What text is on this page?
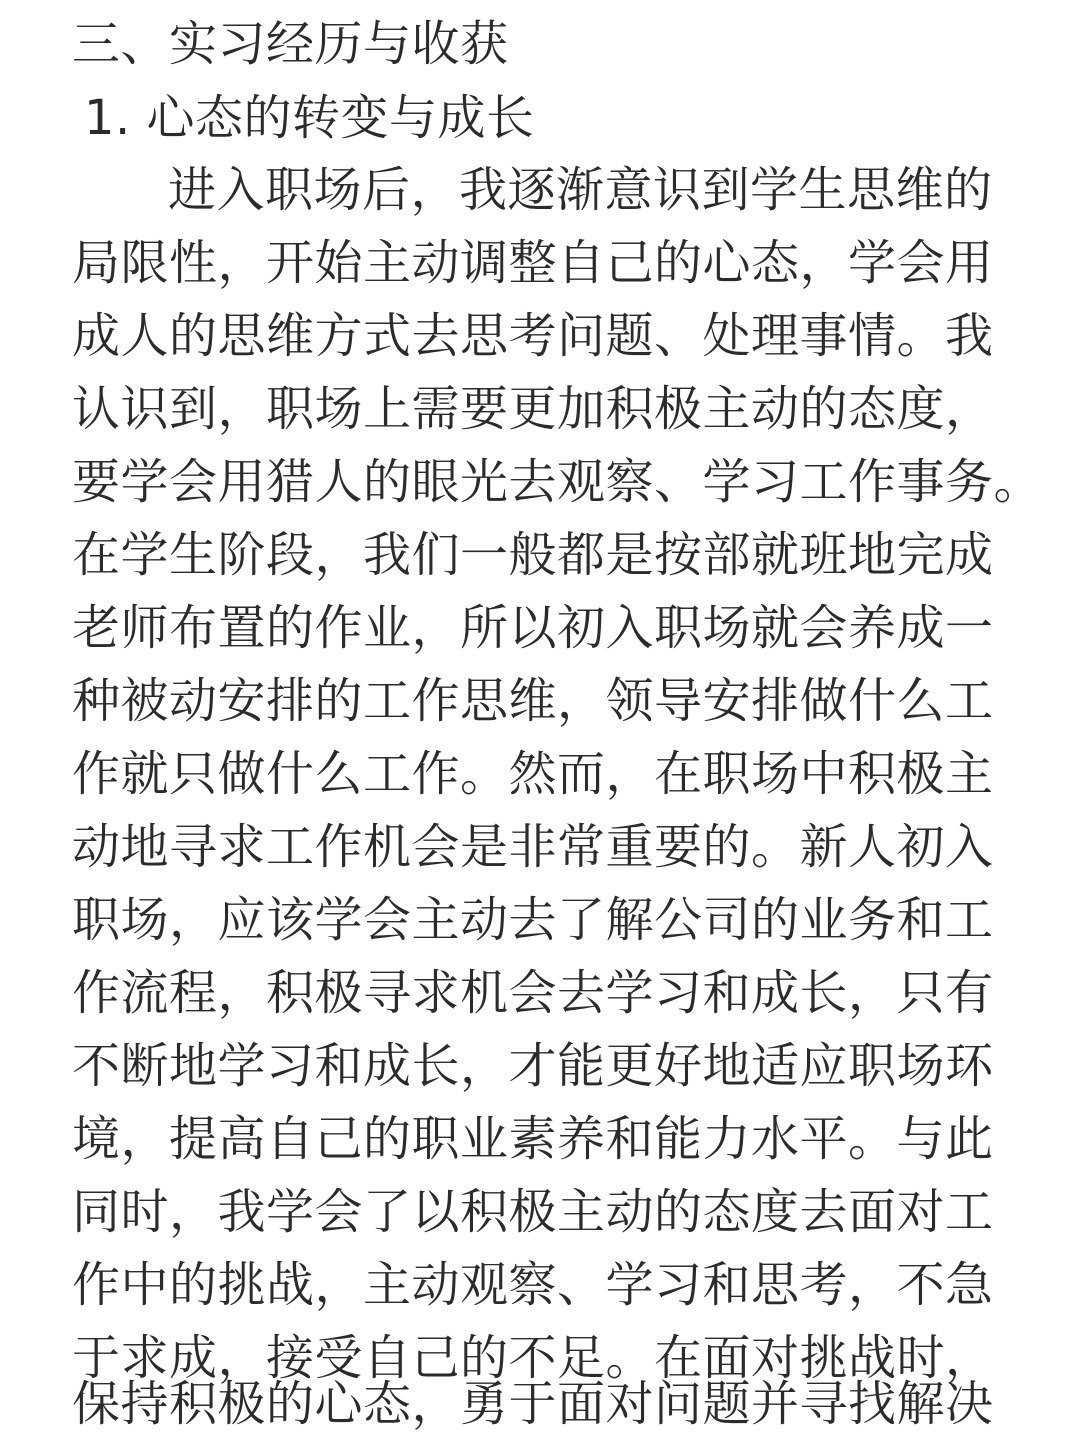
三、实习经历与收获
1. 心态的转变与成长
进入职场后，我逐渐意识到学生思维的
局限性，开始主动调整自己的心态，学会用
成人的思维方式去思考问题、处理事情。我
认识到，职场上需要更加积极主动的态度，
要学会用猎人的眼光去观察、学习工作事务。
在学生阶段，我们一般都是按部就班地完成
老师布置的作业，所以初入职场就会养成一
种被动安排的工作思维，领导安排做什么工
作就只做什么工作。然而，在职场中积极主
动地寻求工作机会是非常重要的。新人初入
职场，应该学会主动去了解公司的业务和工
作流程，积极寻求机会去学习和成长，只有
不断地学习和成长，才能更好地适应职场环
境，提高自己的职业素养和能力水平。与此
同时，我学会了以积极主动的态度去面对工
作中的挑战，主动观察、学习和思考，不急
于求成，接受自己的不足。在面对挑战时，
保持积极的心态，勇于面对问题并寻找解决
